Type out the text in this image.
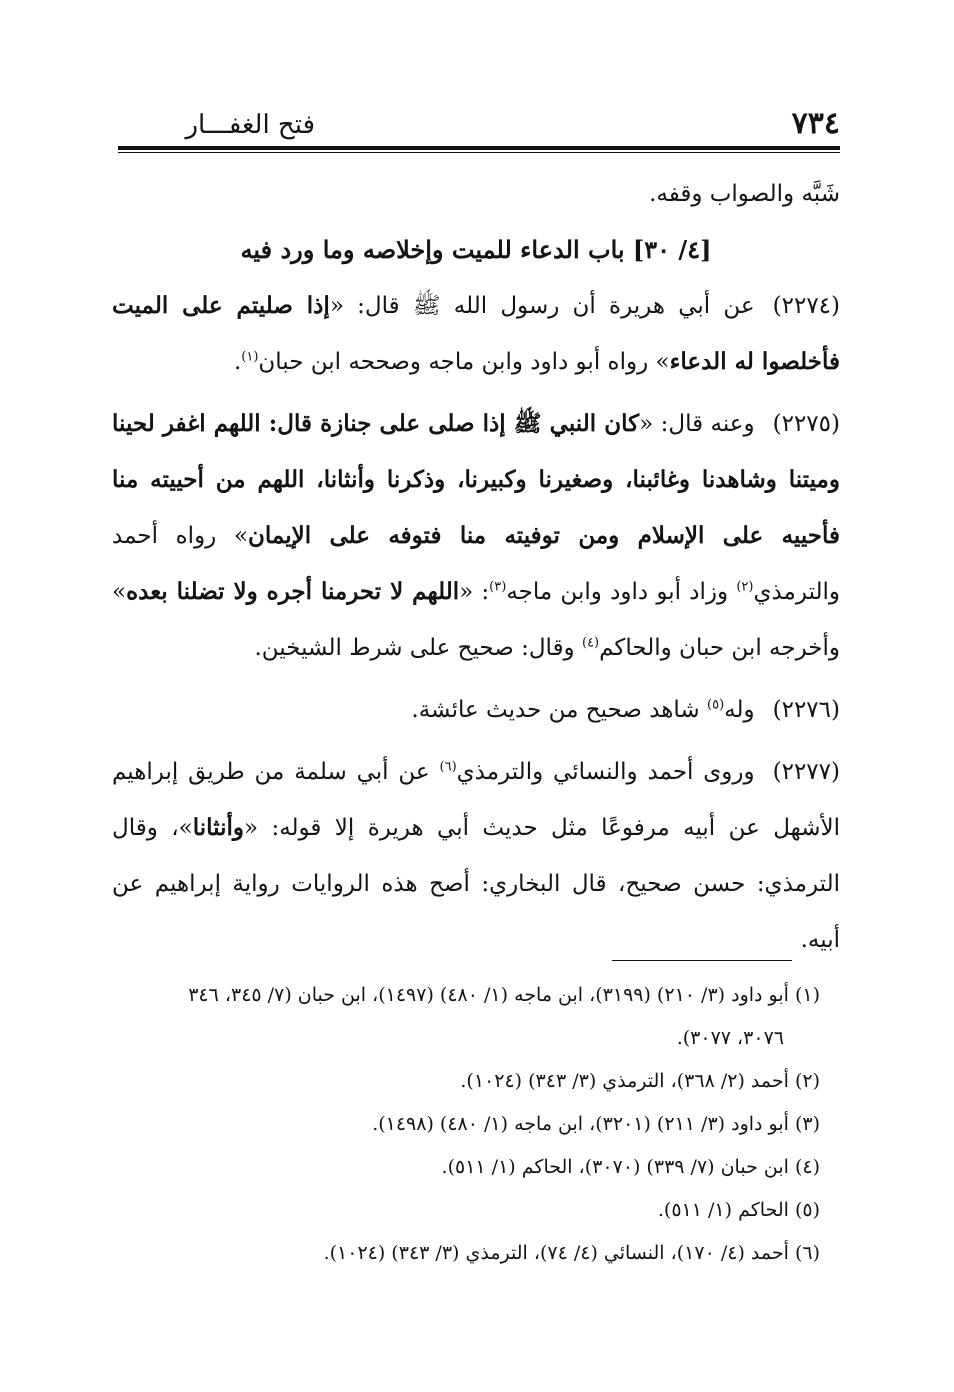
٧٣٤
فتح الغفـــار

شَبَّه والصواب وقفه.

[٤/ ٣٠] باب الدعاء للميت وإخلاصه وما ورد فيه

(٢٢٧٤)عن أبي هريرة أن رسول الله ﷺ قال: «إذا صليتم على الميت فأخلصوا له الدعاء» رواه أبو داود وابن ماجه وصححه ابن حبان$^{(١)}$.

(٢٢٧٥)وعنه قال: «كان النبي ﷺ إذا صلى على جنازة قال: اللهم اغفر لحينا وميتنا وشاهدنا وغائبنا، وصغيرنا وكبيرنا، وذكرنا وأنثانا، اللهم من أحييته منا فأحييه على الإسلام ومن توفيته منا فتوفه على الإيمان» رواه أحمد والترمذي$^{(٢)}$ وزاد أبو داود وابن ماجه$^{(٣)}$: «اللهم لا تحرمنا أجره ولا تضلنا بعده» وأخرجه ابن حبان والحاكم$^{(٤)}$ وقال: صحيح على شرط الشيخين.

(٢٢٧٦)وله$^{(٥)}$ شاهد صحيح من حديث عائشة.

(٢٢٧٧)وروى أحمد والنسائي والترمذي$^{(٦)}$ عن أبي سلمة من طريق إبراهيم الأشهل عن أبيه مرفوعًا مثل حديث أبي هريرة إلا قوله: «وأنثانا»، وقال الترمذي: حسن صحيح، قال البخاري: أصح هذه الروايات رواية إبراهيم عن أبيه.

(١) أبو داود (٣/ ٢١٠) (٣١٩٩)، ابن ماجه (١/ ٤٨٠) (١٤٩٧)، ابن حبان (٧/ ٣٤٥، ٣٤٦

٣٠٧٦، ٣٠٧٧).

(٢) أحمد (٢/ ٣٦٨)، الترمذي (٣/ ٣٤٣) (١٠٢٤).

(٣) أبو داود (٣/ ٢١١) (٣٢٠١)، ابن ماجه (١/ ٤٨٠) (١٤٩٨).

(٤) ابن حبان (٧/ ٣٣٩) (٣٠٧٠)، الحاكم (١/ ٥١١).

(٥) الحاكم (١/ ٥١١).

(٦) أحمد (٤/ ١٧٠)، النسائي (٤/ ٧٤)، الترمذي (٣/ ٣٤٣) (١٠٢٤).
